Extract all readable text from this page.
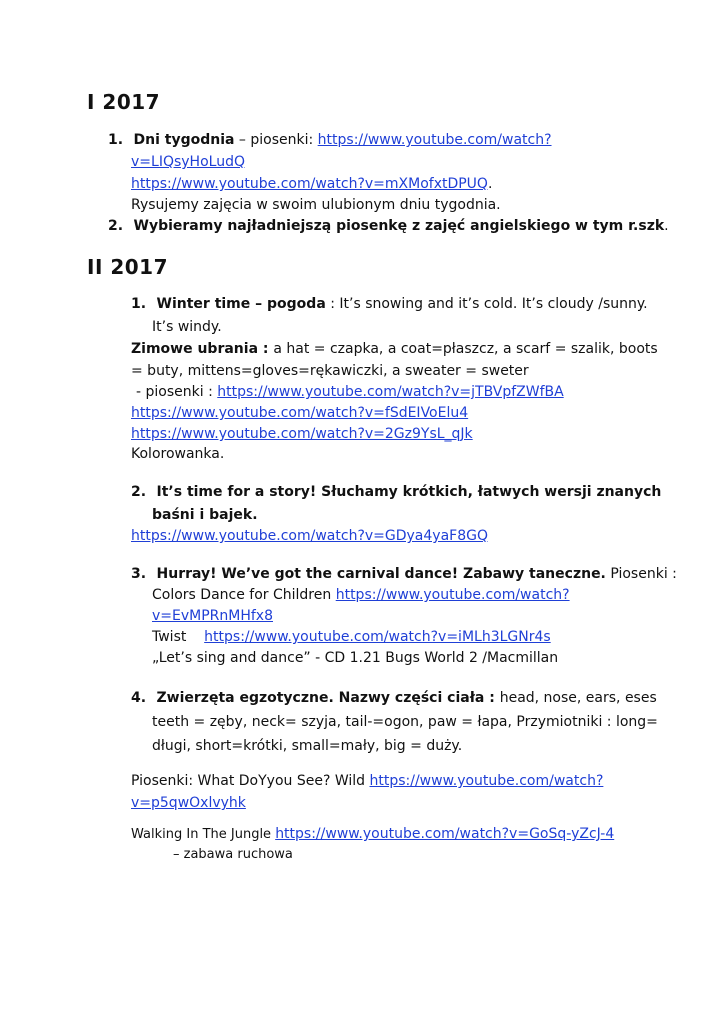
I 2017
1. Dni tygodnia – piosenki: https://www.youtube.com/watch?
v=LIQsyHoLudQ
https://www.youtube.com/watch?v=mXMofxtDPUQ.
Rysujemy zajęcia w swoim ulubionym dniu tygodnia.
2. Wybieramy najładniejszą piosenkę z zajęć angielskiego w tym r.szk.
II 2017
1. Winter time – pogoda : It’s snowing and it’s cold. It’s cloudy /sunny.
It’s windy.
Zimowe ubrania : a hat = czapka, a coat=płaszcz, a scarf = szalik, boots
= buty, mittens=gloves=rękawiczki, a sweater = sweter
- piosenki : https://www.youtube.com/watch?v=jTBVpfZWfBA
https://www.youtube.com/watch?v=fSdEIVoElu4
https://www.youtube.com/watch?v=2Gz9YsL_qJk
Kolorowanka.
2. It’s time for a story! Słuchamy krótkich, łatwych wersji znanych
baśni i bajek.
https://www.youtube.com/watch?v=GDya4yaF8GQ
3. Hurray! We’ve got the carnival dance! Zabawy taneczne. Piosenki :
Colors Dance for Children https://www.youtube.com/watch?
v=EvMPRnMHfx8
Twist    https://www.youtube.com/watch?v=iMLh3LGNr4s
„Let’s sing and dance” - CD 1.21 Bugs World 2 /Macmillan
4. Zwierzęta egzotyczne. Nazwy części ciała : head, nose, ears, eses
teeth = zęby, neck= szyja, tail-=ogon, paw = łapa, Przymiotniki : long=
długi, short=krótki, small=mały, big = duży.
Piosenki: What DoYyou See? Wild https://www.youtube.com/watch?
v=p5qwOxlvyhk
Walking In The Jungle https://www.youtube.com/watch?v=GoSq-yZcJ-4
– zabawa ruchowa
